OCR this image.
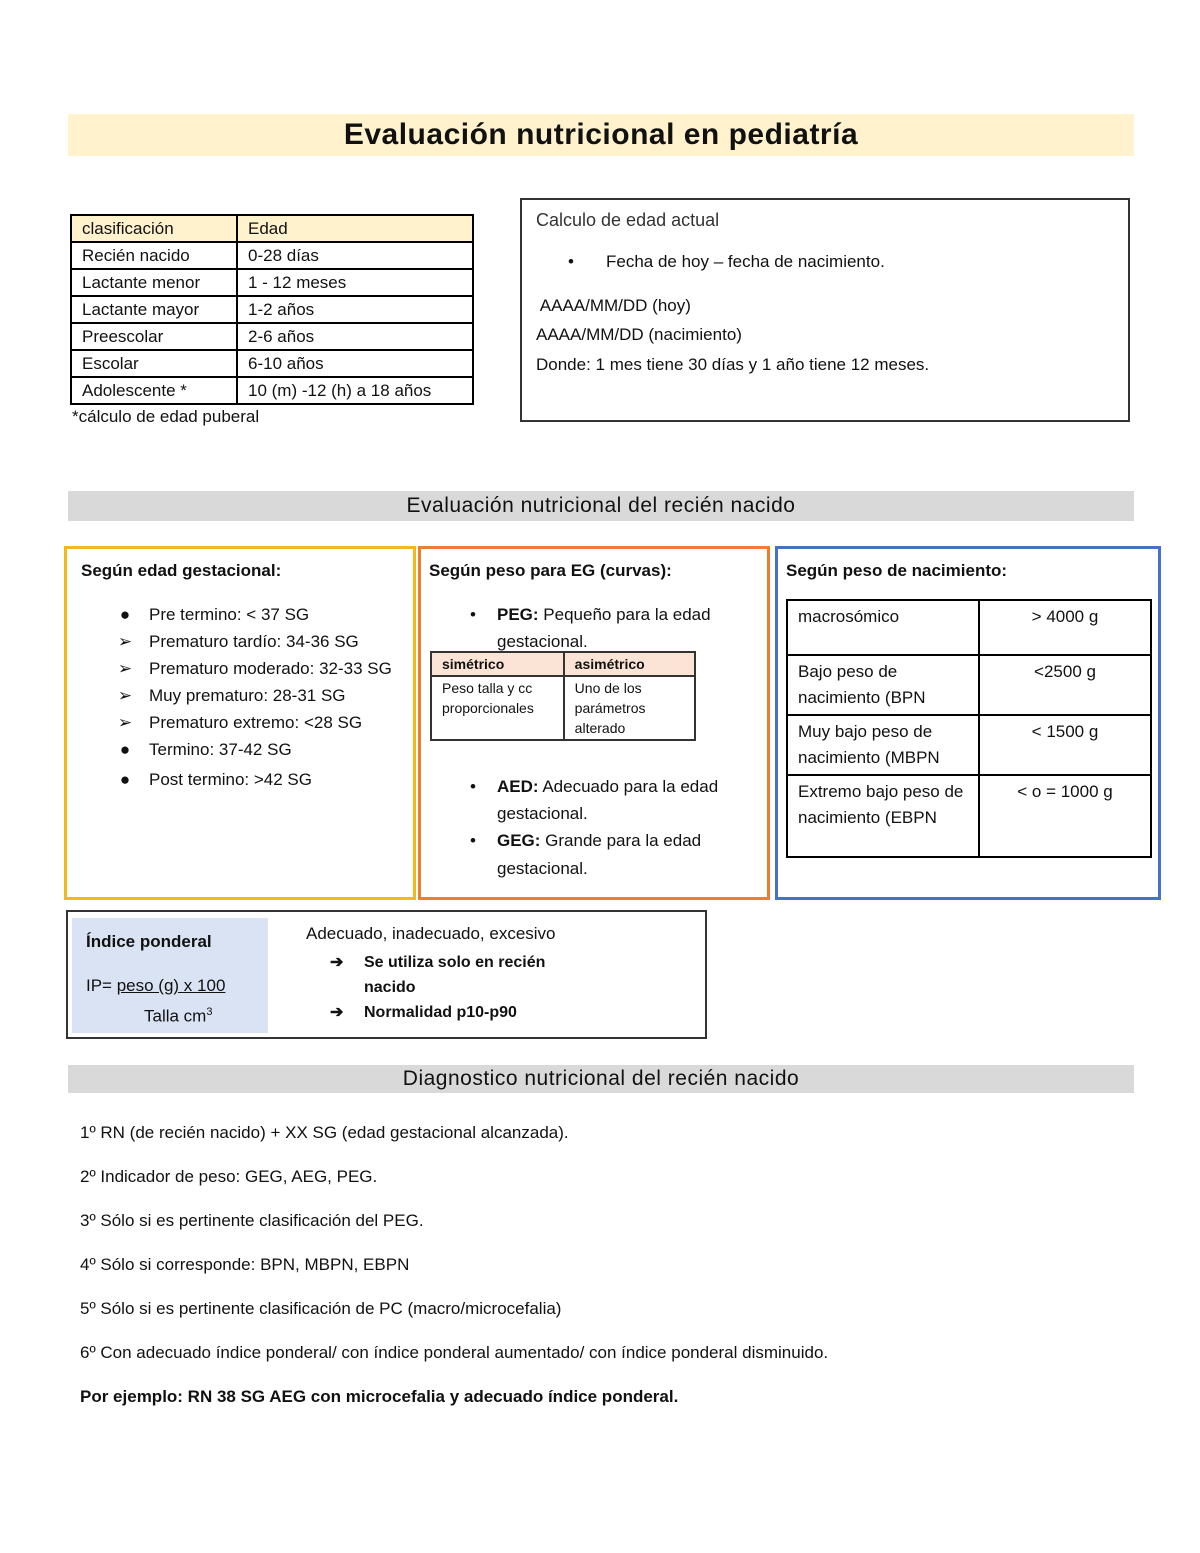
Evaluación nutricional en pediatría
clasificación	Edad
Recién nacido	0-28 días
Lactante menor	1 - 12 meses
Lactante mayor	1-2 años
Preescolar	2-6 años
Escolar	6-10 años
Adolescente *	10 (m) -12 (h) a 18 años
*cálculo de edad puberal
Calculo de edad actual
• Fecha de hoy – fecha de nacimiento.
AAAA/MM/DD (hoy)
AAAA/MM/DD (nacimiento)
Donde: 1 mes tiene 30 días y 1 año tiene 12 meses.
Evaluación nutricional del recién nacido
Según edad gestacional:
● Pre termino: < 37 SG
➢ Prematuro tardío: 34-36 SG
➢ Prematuro moderado: 32-33 SG
➢ Muy prematuro: 28-31 SG
➢ Prematuro extremo: <28 SG
● Termino: 37-42 SG
● Post termino: >42 SG
Según peso para EG (curvas):
•	PEG: Pequeño para la edad gestacional.
simétrico	asimétrico
Peso talla y cc proporcionales	Uno de los parámetros alterado
•	AED: Adecuado para la edad gestacional.
•	GEG: Grande para la edad gestacional.
Según peso de nacimiento:
macrosómico	> 4000 g
Bajo peso de nacimiento (BPN	<2500 g
Muy bajo peso de nacimiento (MBPN	< 1500 g
Extremo bajo peso de nacimiento (EBPN	< o = 1000 g
Índice ponderal
IP= peso (g) x 100
Talla $cm^3$
Adecuado, inadecuado, excesivo
➔ Se utiliza solo en recién nacido
➔ Normalidad p10-p90
Diagnostico nutricional del recién nacido

1º RN (de recién nacido) + XX SG (edad gestacional alcanzada).

2º Indicador de peso: GEG, AEG, PEG.

3º Sólo si es pertinente clasificación del PEG.

4º Sólo si corresponde: BPN, MBPN, EBPN

5º Sólo si es pertinente clasificación de PC (macro/microcefalia)

6º Con adecuado índice ponderal/ con índice ponderal aumentado/ con índice ponderal disminuido.

Por ejemplo: RN 38 SG AEG con microcefalia y adecuado índice ponderal.
